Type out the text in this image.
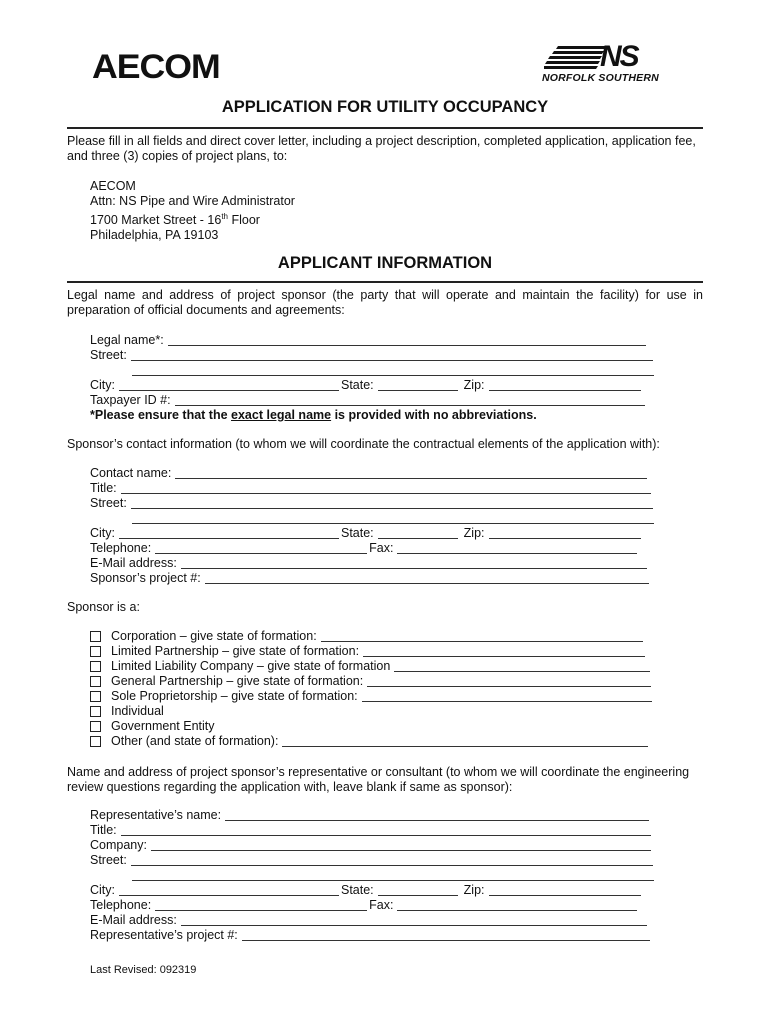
AECOM	NS
NORFOLK SOUTHERN
APPLICATION FOR UTILITY OCCUPANCY
Please fill in all fields and direct cover letter, including a project description, completed application, application fee, and three (3) copies of project plans, to:
AECOM
Attn: NS Pipe and Wire Administrator
1700 Market Street - 16th Floor
Philadelphia, PA 19103
APPLICANT INFORMATION
Legal name and address of project sponsor (the party that will operate and maintain the facility) for use in preparation of official documents and agreements:
Legal name*:
Street:
City:	State:	Zip:
Taxpayer ID #:
*Please ensure that the exact legal name is provided with no abbreviations.
Sponsor’s contact information (to whom we will coordinate the contractual elements of the application with):
Contact name:
Title:
Street:
City:	State:	Zip:
Telephone:	Fax:
E-Mail address:
Sponsor’s project #:
Sponsor is a:
Corporation – give state of formation:
Limited Partnership – give state of formation:
Limited Liability Company – give state of formation
General Partnership – give state of formation:
Sole Proprietorship – give state of formation:
Individual
Government Entity
Other (and state of formation):
Name and address of project sponsor’s representative or consultant (to whom we will coordinate the engineering review questions regarding the application with, leave blank if same as sponsor):
Representative’s name:
Title:
Company:
Street:
City:	State:	Zip:
Telephone:	Fax:
E-Mail address:
Representative’s project #:
Last Revised: 092319
